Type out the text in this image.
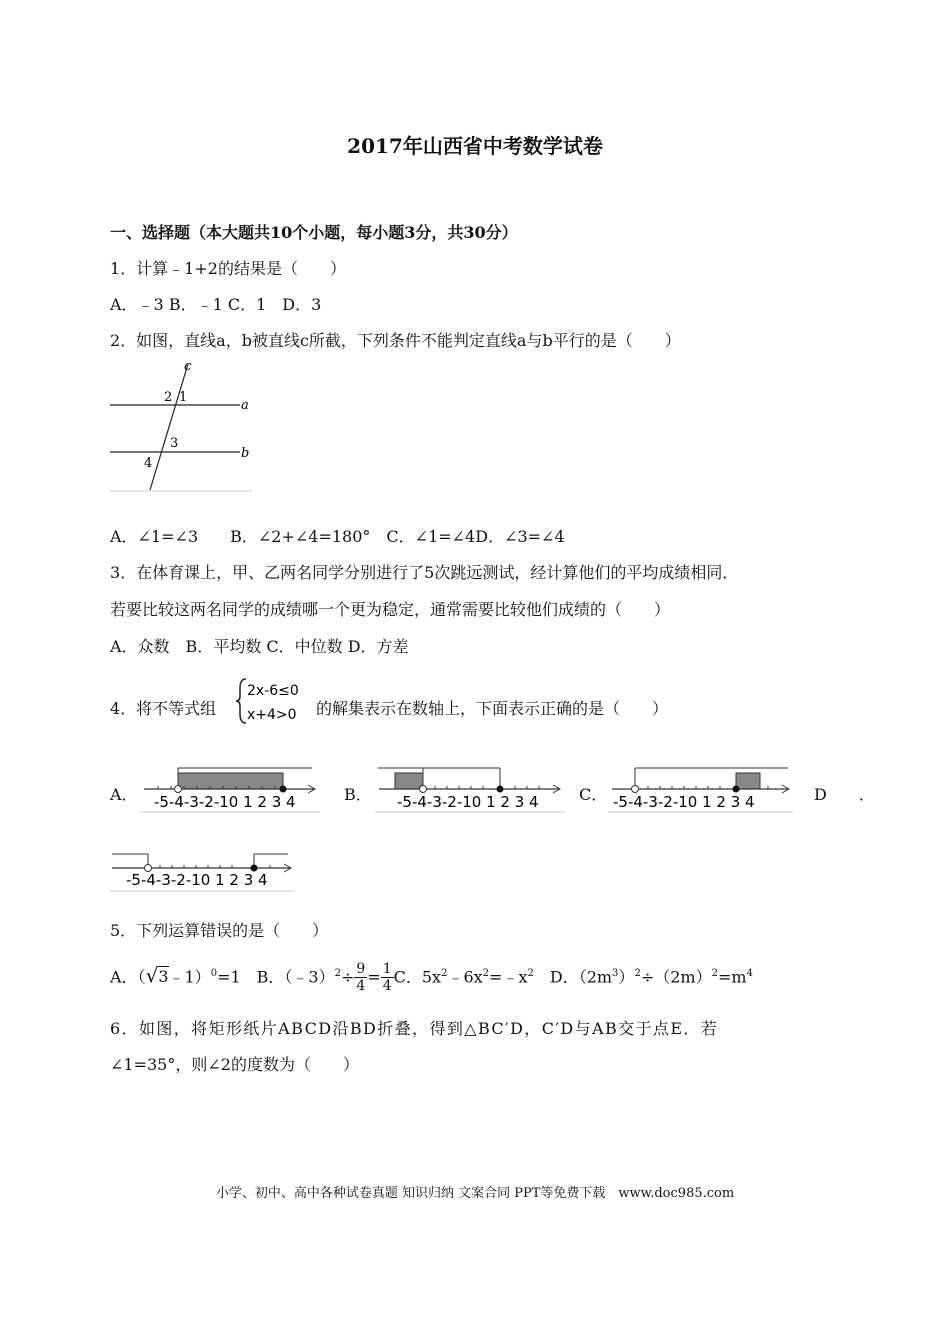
2017年山西省中考数学试卷
一、选择题（本大题共10个小题，每小题3分，共30分）
1．计算﹣1+2的结果是（　　）
A．﹣3 B．﹣1 C．1　D．3
2．如图，直线a，b被直线c所截，下列条件不能判定直线a与b平行的是（　　）
c
a
b
2 1
3
4
A．∠1=∠3　　B．∠2+∠4=180°　C．∠1=∠4D．∠3=∠4
3．在体育课上，甲、乙两名同学分别进行了5次跳远测试，经计算他们的平均成绩相同．
若要比较这两名同学的成绩哪一个更为稳定，通常需要比较他们成绩的（　　）
A．众数　B．平均数 C．中位数 D．方差
4．将不等式组
2x-6≤0
x+4>0 的解集表示在数轴上，下面表示正确的是（　　）
A．	B．	C．	D　　．
-5-4-3-2-10 1 2 3 4	-5-4-3-2-10 1 2 3 4	-5-4-3-2-10 1 2 3 4
-5-4-3-2-10 1 2 3 4
5．下列运算错误的是（　　）
A．（√3﹣1）$^0$=1　B．（﹣3）$^2$÷ $\frac{9}{4} = \frac{1}{4}$ C．$5x^2﹣6x^2=﹣x^2$　D．$(2m^3)^2\div(2m)^2=m^4$
6．如图，将矩形纸片ABCD沿BD折叠，得到△BC′D，C′D与AB交于点E．若
∠1=35°，则∠2的度数为（　　）
小学、初中、高中各种试卷真题 知识归纳 文案合同 PPT等免费下载　www.doc985.com
